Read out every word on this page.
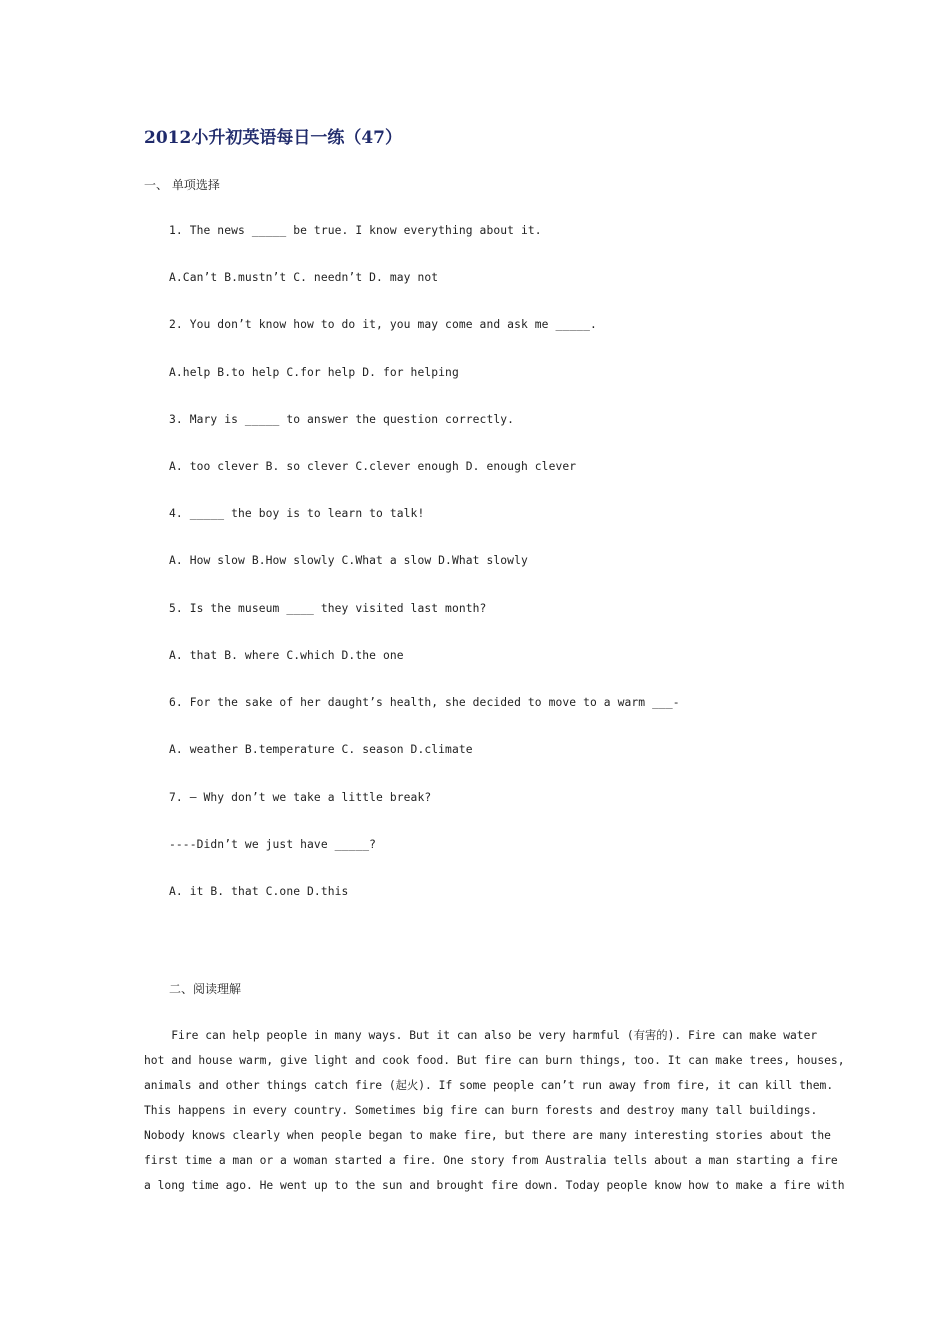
2012小升初英语每日一练（47）
一、 单项选择
1. The news _____ be true. I know everything about it.
A.Can’t B.mustn’t C. needn’t D. may not
2. You don’t know how to do it, you may come and ask me _____.
A.help B.to help C.for help D. for helping
3. Mary is _____ to answer the question correctly.
A. too clever B. so clever C.clever enough D. enough clever
4. _____ the boy is to learn to talk!
A. How slow B.How slowly C.What a slow D.What slowly
5. Is the museum ____ they visited last month?
A. that B. where C.which D.the one
6. For the sake of her daught’s health, she decided to move to a warm ___-
A. weather B.temperature C. season D.climate
7. – Why don’t we take a little break?
----Didn’t we just have _____?
A. it B. that C.one D.this
二、阅读理解
Fire can help people in many ways. But it can also be very harmful (有害的). Fire can make water
hot and house warm, give light and cook food. But fire can burn things, too. It can make trees, houses,
animals and other things catch fire (起火). If some people can’t run away from fire, it can kill them.
This happens in every country. Sometimes big fire can burn forests and destroy many tall buildings.
Nobody knows clearly when people began to make fire, but there are many interesting stories about the
first time a man or a woman started a fire. One story from Australia tells about a man starting a fire
a long time ago. He went up to the sun and brought fire down. Today people know how to make a fire with
